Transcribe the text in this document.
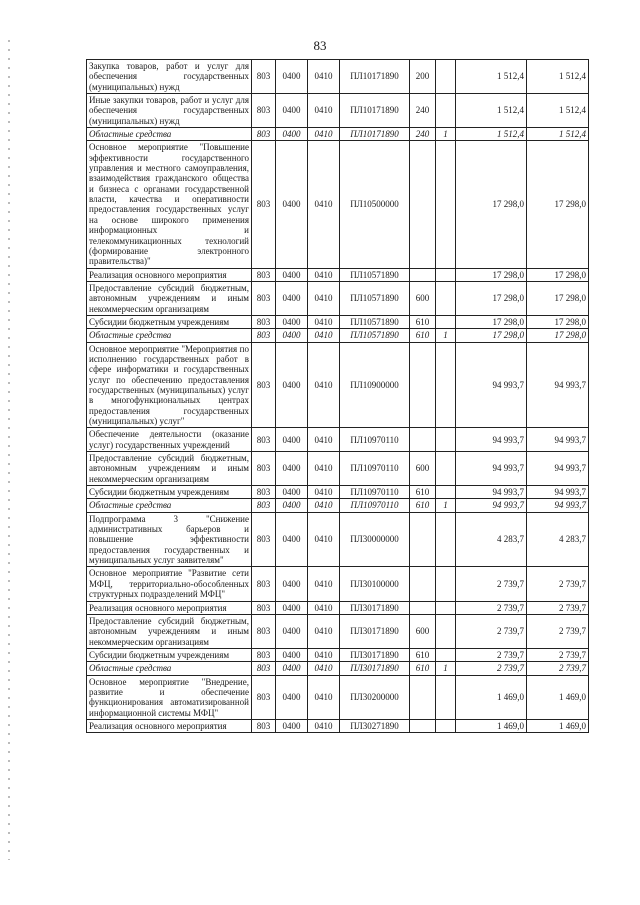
83
Закупка товаров, работ и услуг для обеспечения государственных (муниципальных) нужд	803	0400	0410	ПЛ10171890	200		1 512,4	1 512,4
Иные закупки товаров, работ и услуг для обеспечения государственных (муниципальных) нужд	803	0400	0410	ПЛ10171890	240		1 512,4	1 512,4
Областные средства	803	0400	0410	ПЛ10171890	240	1	1 512,4	1 512,4
Основное мероприятие "Повышение эффективности государственного управления и местного самоуправления, взаимодействия гражданского общества и бизнеса с органами государственной власти, качества и оперативности предоставления государственных услуг на основе широкого применения информационных и телекоммуникационных технологий (формирование электронного правительства)"	803	0400	0410	ПЛ10500000			17 298,0	17 298,0
Реализация основного мероприятия	803	0400	0410	ПЛ10571890			17 298,0	17 298,0
Предоставление субсидий бюджетным, автономным учреждениям и иным некоммерческим организациям	803	0400	0410	ПЛ10571890	600		17 298,0	17 298,0
Субсидии бюджетным учреждениям	803	0400	0410	ПЛ10571890	610		17 298,0	17 298,0
Областные средства	803	0400	0410	ПЛ10571890	610	1	17 298,0	17 298,0
Основное мероприятие "Мероприятия по исполнению государственных работ в сфере информатики и государственных услуг по обеспечению предоставления государственных (муниципальных) услуг в многофункциональных центрах предоставления государственных (муниципальных) услуг"	803	0400	0410	ПЛ10900000			94 993,7	94 993,7
Обеспечение деятельности (оказание услуг) государственных учреждений	803	0400	0410	ПЛ10970110			94 993,7	94 993,7
Предоставление субсидий бюджетным, автономным учреждениям и иным некоммерческим организациям	803	0400	0410	ПЛ10970110	600		94 993,7	94 993,7
Субсидии бюджетным учреждениям	803	0400	0410	ПЛ10970110	610		94 993,7	94 993,7
Областные средства	803	0400	0410	ПЛ10970110	610	1	94 993,7	94 993,7
Подпрограмма 3 "Снижение административных барьеров и повышение эффективности предоставления государственных и муниципальных услуг заявителям"	803	0400	0410	ПЛ30000000			4 283,7	4 283,7
Основное мероприятие "Развитие сети МФЦ, территориально-обособленных структурных подразделений МФЦ"	803	0400	0410	ПЛ30100000			2 739,7	2 739,7
Реализация основного мероприятия	803	0400	0410	ПЛ30171890			2 739,7	2 739,7
Предоставление субсидий бюджетным, автономным учреждениям и иным некоммерческим организациям	803	0400	0410	ПЛ30171890	600		2 739,7	2 739,7
Субсидии бюджетным учреждениям	803	0400	0410	ПЛ30171890	610		2 739,7	2 739,7
Областные средства	803	0400	0410	ПЛ30171890	610	1	2 739,7	2 739,7
Основное мероприятие "Внедрение, развитие и обеспечение функционирования автоматизированной информационной системы МФЦ"	803	0400	0410	ПЛ30200000			1 469,0	1 469,0
Реализация основного мероприятия	803	0400	0410	ПЛ30271890			1 469,0	1 469,0
